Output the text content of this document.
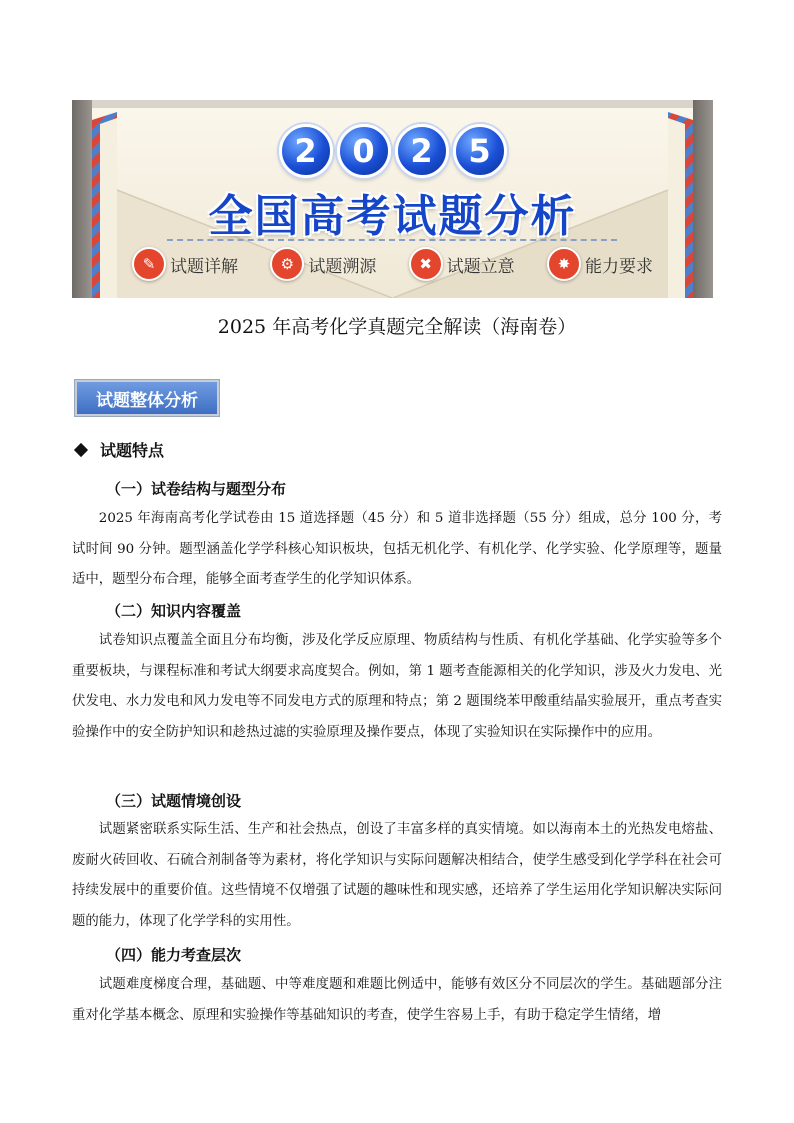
2	0	2	5
全国高考试题分析
✎ 试题详解	⚙ 试题溯源	✖ 试题立意	✸ 能力要求
2025 年高考化学真题完全解读（海南卷）
试题整体分析
试题特点
（一）试卷结构与题型分布
2025 年海南高考化学试卷由 15 道选择题（45 分）和 5 道非选择题（55 分）组成，总分 100 分，考试时间 90 分钟。题型涵盖化学学科核心知识板块，包括无机化学、有机化学、化学实验、化学原理等，题量适中，题型分布合理，能够全面考查学生的化学知识体系。
（二）知识内容覆盖
试卷知识点覆盖全面且分布均衡，涉及化学反应原理、物质结构与性质、有机化学基础、化学实验等多个重要板块，与课程标准和考试大纲要求高度契合。例如，第 1 题考查能源相关的化学知识，涉及火力发电、光伏发电、水力发电和风力发电等不同发电方式的原理和特点；第 2 题围绕苯甲酸重结晶实验展开，重点考查实验操作中的安全防护知识和趁热过滤的实验原理及操作要点，体现了实验知识在实际操作中的应用。
（三）试题情境创设
试题紧密联系实际生活、生产和社会热点，创设了丰富多样的真实情境。如以海南本土的光热发电熔盐、废耐火砖回收、石硫合剂制备等为素材，将化学知识与实际问题解决相结合，使学生感受到化学学科在社会可持续发展中的重要价值。这些情境不仅增强了试题的趣味性和现实感，还培养了学生运用化学知识解决实际问题的能力，体现了化学学科的实用性。
（四）能力考查层次
试题难度梯度合理，基础题、中等难度题和难题比例适中，能够有效区分不同层次的学生。基础题部分注重对化学基本概念、原理和实验操作等基础知识的考查，使学生容易上手，有助于稳定学生情绪，增
